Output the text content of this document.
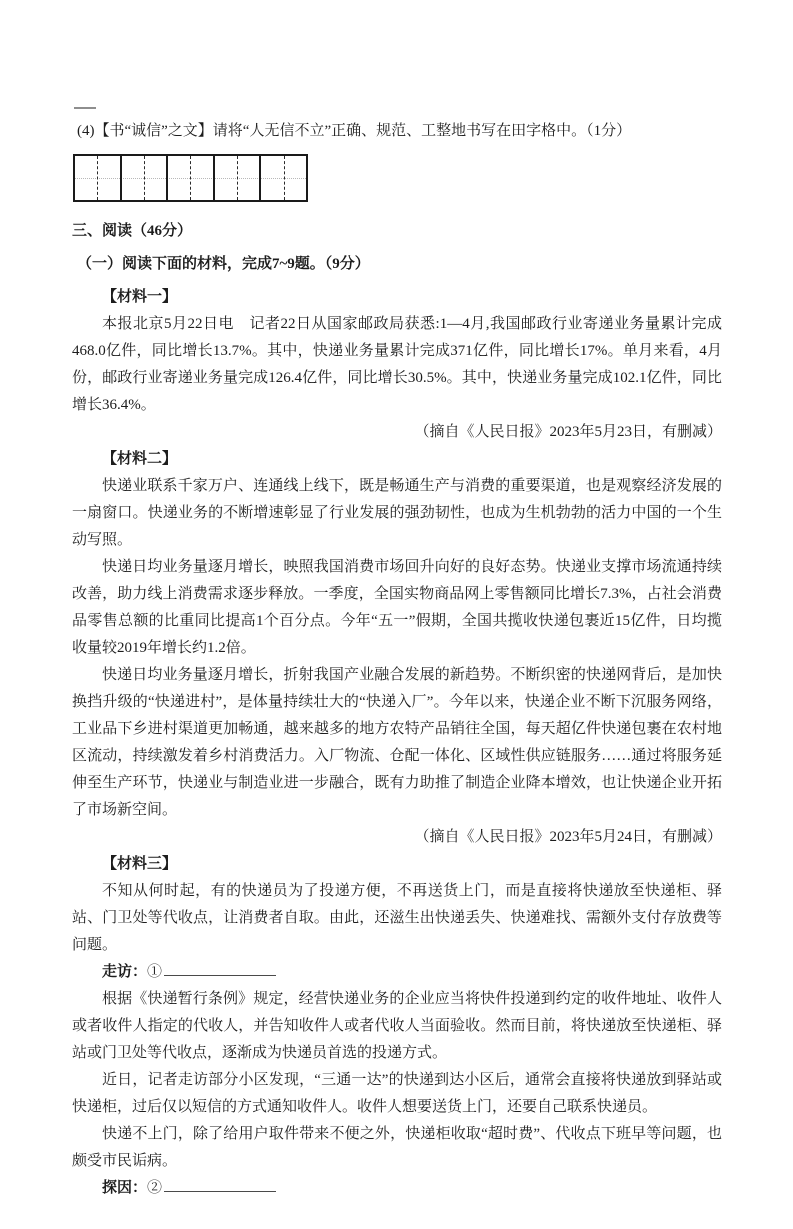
(4)【书“诚信”之文】请将“人无信不立”正确、规范、工整地书写在田字格中。（1分）

三、阅读（46分）

（一）阅读下面的材料，完成7~9题。（9分）

【材料一】

本报北京5月22日电　记者22日从国家邮政局获悉:1—4月,我国邮政行业寄递业务量累计完成468.0亿件，同比增长13.7%。其中，快递业务量累计完成371亿件，同比增长17%。单月来看，4月份，邮政行业寄递业务量完成126.4亿件，同比增长30.5%。其中，快递业务量完成102.1亿件，同比增长36.4%。

（摘自《人民日报》2023年5月23日，有删减）

【材料二】

快递业联系千家万户、连通线上线下，既是畅通生产与消费的重要渠道，也是观察经济发展的一扇窗口。快递业务的不断增速彰显了行业发展的强劲韧性，也成为生机勃勃的活力中国的一个生动写照。

快递日均业务量逐月增长，映照我国消费市场回升向好的良好态势。快递业支撑市场流通持续改善，助力线上消费需求逐步释放。一季度，全国实物商品网上零售额同比增长7.3%，占社会消费品零售总额的比重同比提高1个百分点。今年“五一”假期，全国共揽收快递包裹近15亿件，日均揽收量较2019年增长约1.2倍。

快递日均业务量逐月增长，折射我国产业融合发展的新趋势。不断织密的快递网背后，是加快换挡升级的“快递进村”，是体量持续壮大的“快递入厂”。今年以来，快递企业不断下沉服务网络，工业品下乡进村渠道更加畅通，越来越多的地方农特产品销往全国，每天超亿件快递包裹在农村地区流动，持续激发着乡村消费活力。入厂物流、仓配一体化、区域性供应链服务……通过将服务延伸至生产环节，快递业与制造业进一步融合，既有力助推了制造企业降本增效，也让快递企业开拓了市场新空间。

（摘自《人民日报》2023年5月24日，有删减）

【材料三】

不知从何时起，有的快递员为了投递方便，不再送货上门，而是直接将快递放至快递柜、驿站、门卫处等代收点，让消费者自取。由此，还滋生出快递丢失、快递难找、需额外支付存放费等问题。

走访：①

根据《快递暂行条例》规定，经营快递业务的企业应当将快件投递到约定的收件地址、收件人或者收件人指定的代收人，并告知收件人或者代收人当面验收。然而目前，将快递放至快递柜、驿站或门卫处等代收点，逐渐成为快递员首选的投递方式。

近日，记者走访部分小区发现，“三通一达”的快递到达小区后，通常会直接将快递放到驿站或快递柜，过后仅以短信的方式通知收件人。收件人想要送货上门，还要自己联系快递员。

快递不上门，除了给用户取件带来不便之外，快递柜收取“超时费”、代收点下班早等问题，也颇受市民诟病。

探因：②
